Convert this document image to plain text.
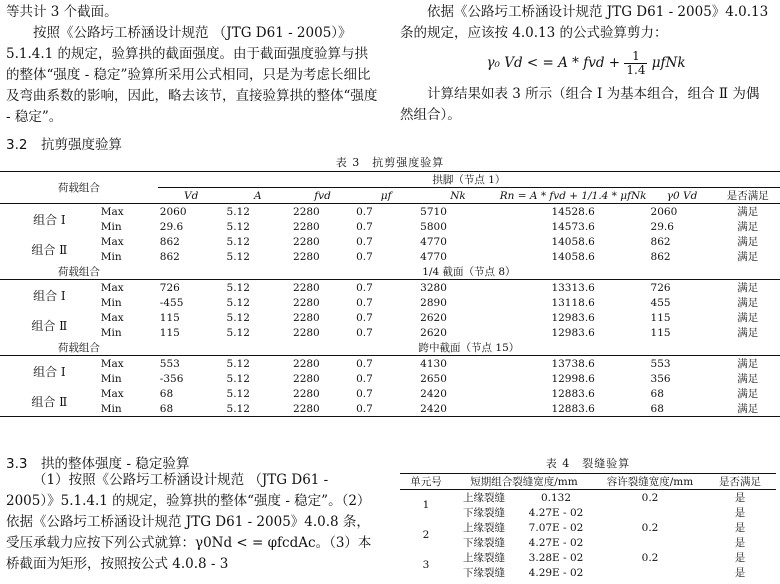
等共计 3 个截面。

按照《公路圬工桥涵设计规范 （JTG D61 - 2005）》5.1.4.1 的规定，验算拱的截面强度。由于截面强度验算与拱的整体“强度 - 稳定”验算所采用公式相同，只是为考虑长细比及弯曲系数的影响，因此，略去该节，直接验算拱的整体“强度 - 稳定”。

依据《公路圬工桥涵设计规范 JTG D61 - 2005》4.0.13 条的规定，应该按 4.0.13 的公式验算剪力：

γ₀ Vd < = A * fvd + $\frac{1}{1.4}$ μfNk

计算结果如表 3 所示（组合 Ⅰ 为基本组合，组合 Ⅱ 为偶然组合）。

3.2　抗剪强度验算
表 3　抗剪强度验算
荷载组合		拱脚（节点 1）							
		Vd	A	fvd	μf	Nk	Rn = A * fvd + 1/1.4 * μfNk	γ0 Vd	是否满足
组合 Ⅰ	Max	2060	5.12	2280	0.7	5710	14528.6	2060	满足
	Min	29.6	5.12	2280	0.7	5800	14573.6	29.6	满足
组合 Ⅱ	Max	862	5.12	2280	0.7	4770	14058.6	862	满足
	Min	862	5.12	2280	0.7	4770	14058.6	862	满足
荷载组合		1/4 截面（节点 8）							
组合 Ⅰ	Max	726	5.12	2280	0.7	3280	13313.6	726	满足
	Min	-455	5.12	2280	0.7	2890	13118.6	455	满足
组合 Ⅱ	Max	115	5.12	2280	0.7	2620	12983.6	115	满足
	Min	115	5.12	2280	0.7	2620	12983.6	115	满足
荷载组合		跨中截面（节点 15）							
组合 Ⅰ	Max	553	5.12	2280	0.7	4130	13738.6	553	满足
	Min	-356	5.12	2280	0.7	2650	12998.6	356	满足
组合 Ⅱ	Max	68	5.12	2280	0.7	2420	12883.6	68	满足
	Min	68	5.12	2280	0.7	2420	12883.6	68	满足
3.3　拱的整体强度 - 稳定验算

（1）按照《公路圬工桥涵设计规范 （JTG D61 - 2005）》5.1.4.1 的规定，验算拱的整体“强度 - 稳定”。（2）依据《公路圬工桥涵设计规范 JTG D61 - 2005》4.0.8 条，受压承载力应按下列公式就算：γ0Nd < = φfcdAc。（3）本桥截面为矩形，按照按公式 4.0.8 - 3

表 4　裂缝验算
单元号	短期组合裂缝宽度/mm		容许裂缝宽度/mm	是否满足
1	上缘裂缝	0.132	0.2	是
	下缘裂缝	4.27E - 02		是
2	上缘裂缝	7.07E - 02	0.2	是
	下缘裂缝	4.27E - 02		是
3	上缘裂缝	3.28E - 02	0.2	是
	下缘裂缝	4.29E - 02		是
